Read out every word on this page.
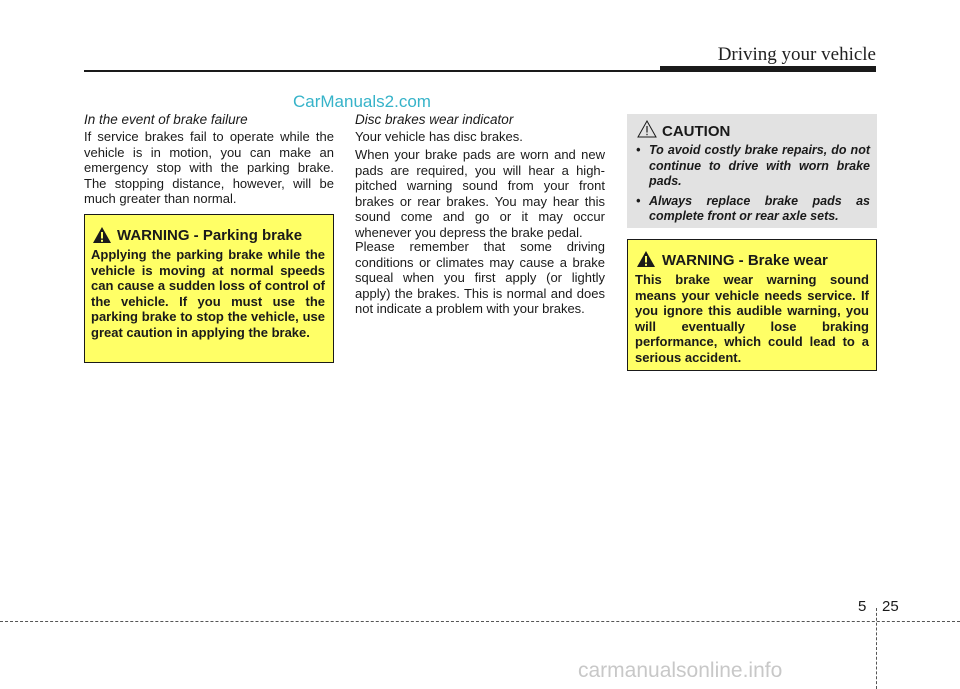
Driving your vehicle
CarManuals2.com
In the event of brake failure
If service brakes fail to operate while the vehicle is in motion, you can make an emergency stop with the parking brake. The stopping distance, however, will be much greater than normal.
WARNING - Parking brake
Applying the parking brake while the vehicle is moving at normal speeds can cause a sudden loss of control of the vehicle. If you must use the parking brake to stop the vehicle, use great caution in applying the brake.
Disc brakes wear indicator
Your vehicle has disc brakes.
When your brake pads are worn and new pads are required, you will hear a high-pitched warning sound from your front brakes or rear brakes. You may hear this sound come and go or it may occur whenever you depress the brake pedal.
Please remember that some driving conditions or climates may cause a brake squeal when you first apply (or lightly apply) the brakes. This is normal and does not indicate a problem with your brakes.
CAUTION
• To avoid costly brake repairs, do not continue to drive with worn brake pads.
• Always replace brake pads as complete front or rear axle sets.
WARNING - Brake wear
This brake wear warning sound means your vehicle needs service. If you ignore this audible warning, you will eventually lose braking performance, which could lead to a serious accident.
5 25
carmanualsonline.info
